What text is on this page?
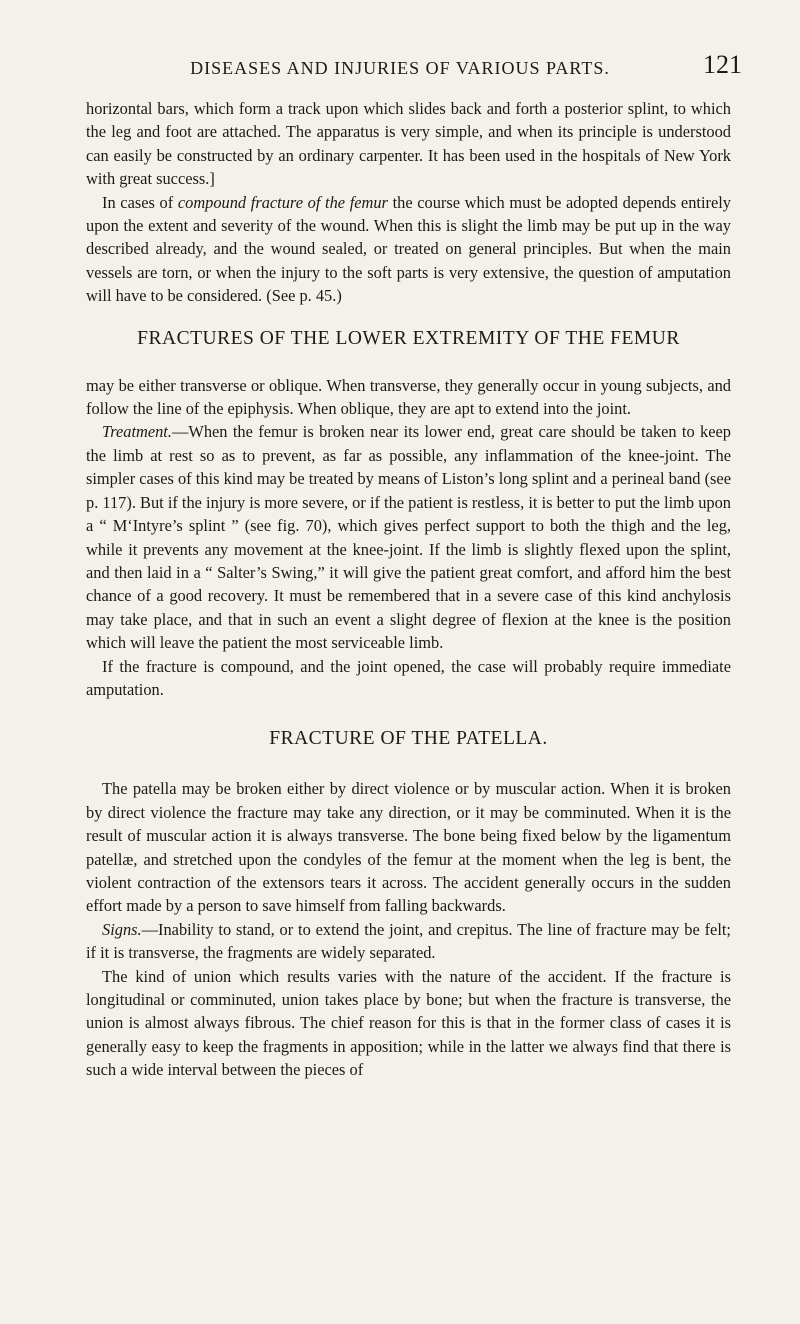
DISEASES AND INJURIES OF VARIOUS PARTS.	121

horizontal bars, which form a track upon which slides back and forth a posterior splint, to which the leg and foot are attached. The apparatus is very simple, and when its principle is understood can easily be constructed by an ordinary carpenter. It has been used in the hospitals of New York with great success.]

In cases of compound fracture of the femur the course which must be adopted depends entirely upon the extent and severity of the wound. When this is slight the limb may be put up in the way described already, and the wound sealed, or treated on general principles. But when the main vessels are torn, or when the injury to the soft parts is very extensive, the question of amputation will have to be considered. (See p. 45.)

FRACTURES OF THE LOWER EXTREMITY OF THE FEMUR

may be either transverse or oblique. When transverse, they generally occur in young subjects, and follow the line of the epiphysis. When oblique, they are apt to extend into the joint.

Treatment.—When the femur is broken near its lower end, great care should be taken to keep the limb at rest so as to prevent, as far as possible, any inflammation of the knee-joint. The simpler cases of this kind may be treated by means of Liston’s long splint and a perineal band (see p. 117). But if the injury is more severe, or if the patient is restless, it is better to put the limb upon a “ M‘Intyre’s splint ” (see fig. 70), which gives perfect support to both the thigh and the leg, while it prevents any movement at the knee-joint. If the limb is slightly flexed upon the splint, and then laid in a “ Salter’s Swing,” it will give the patient great comfort, and afford him the best chance of a good recovery. It must be remembered that in a severe case of this kind anchylosis may take place, and that in such an event a slight degree of flexion at the knee is the position which will leave the patient the most serviceable limb.

If the fracture is compound, and the joint opened, the case will probably require immediate amputation.

FRACTURE OF THE PATELLA.

The patella may be broken either by direct violence or by muscular action. When it is broken by direct violence the fracture may take any direction, or it may be comminuted. When it is the result of muscular action it is always transverse. The bone being fixed below by the ligamentum patellæ, and stretched upon the condyles of the femur at the moment when the leg is bent, the violent contraction of the extensors tears it across. The accident generally occurs in the sudden effort made by a person to save himself from falling backwards.

Signs.—Inability to stand, or to extend the joint, and crepitus. The line of fracture may be felt; if it is transverse, the fragments are widely separated.

The kind of union which results varies with the nature of the accident. If the fracture is longitudinal or comminuted, union takes place by bone; but when the fracture is transverse, the union is almost always fibrous. The chief reason for this is that in the former class of cases it is generally easy to keep the fragments in apposition; while in the latter we always find that there is such a wide interval between the pieces of
